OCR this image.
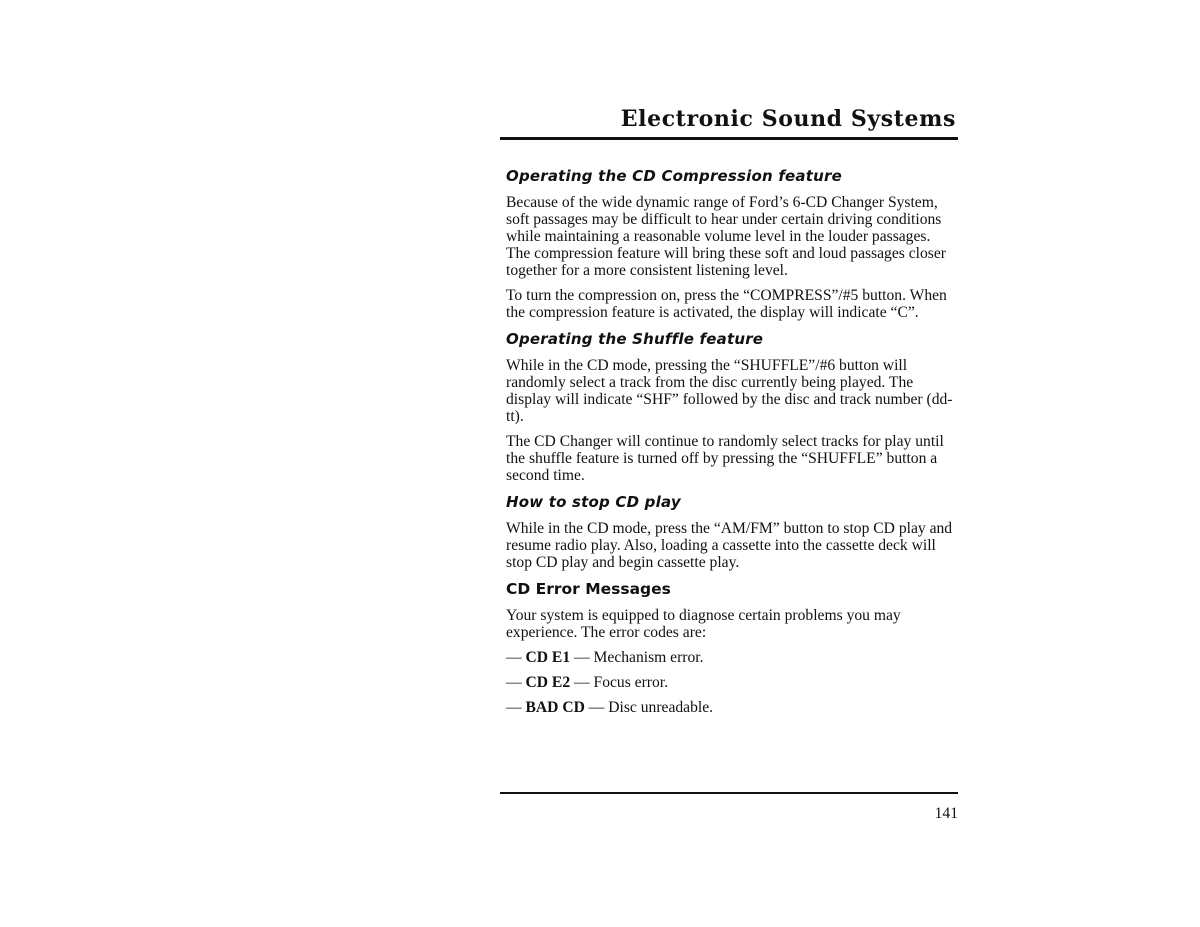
Electronic Sound Systems
Operating the CD Compression feature

Because of the wide dynamic range of Ford’s 6-CD Changer System, soft passages may be difficult to hear under certain driving conditions while maintaining a reasonable volume level in the louder passages. The compression feature will bring these soft and loud passages closer together for a more consistent listening level.

To turn the compression on, press the “COMPRESS”/#5 button. When the compression feature is activated, the display will indicate “C”.

Operating the Shuffle feature

While in the CD mode, pressing the “SHUFFLE”/#6 button will randomly select a track from the disc currently being played. The display will indicate “SHF” followed by the disc and track number (dd-tt).

The CD Changer will continue to randomly select tracks for play until the shuffle feature is turned off by pressing the “SHUFFLE” button a second time.

How to stop CD play

While in the CD mode, press the “AM/FM” button to stop CD play and resume radio play. Also, loading a cassette into the cassette deck will stop CD play and begin cassette play.

CD Error Messages

Your system is equipped to diagnose certain problems you may experience. The error codes are:

— CD E1 — Mechanism error.

— CD E2 — Focus error.

— BAD CD — Disc unreadable.

141
